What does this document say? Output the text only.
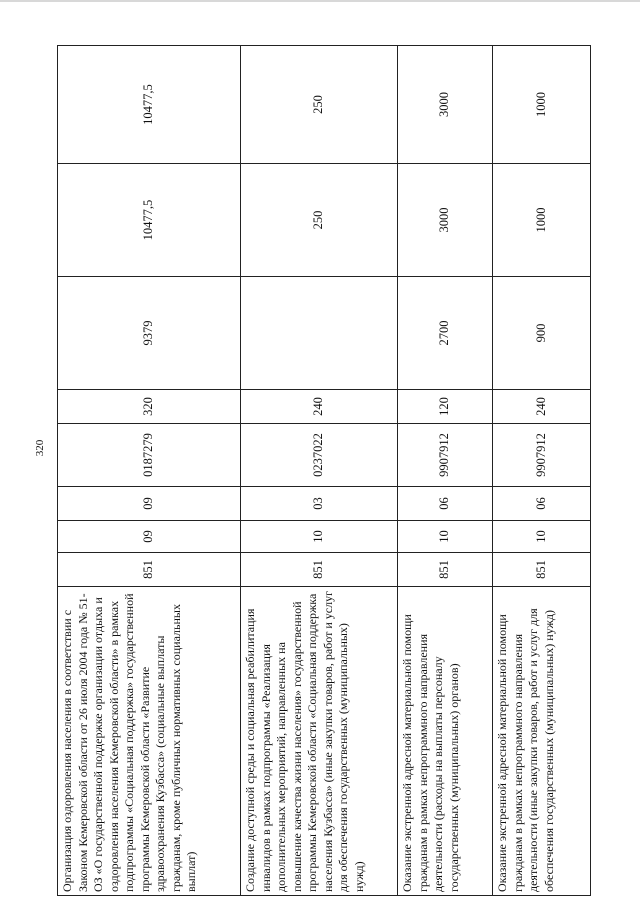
320
Организация оздоровления населения в соответствии с Законом Кемеровской области от 26 июля 2004 года № 51-ОЗ «О государственной поддержке организации отдыха и оздоровления населения Кемеровской области» в рамках подпрограммы «Социальная поддержка» государственной программы Кемеровской области «Развитие здравоохранения Кузбасса» (социальные выплаты гражданам, кроме публичных нормативных социальных выплат)	851	09	09	0187279	320	9379	10477,5	10477,5
Создание доступной среды и социальная реабилитация инвалидов в рамках подпрограммы «Реализация дополнительных мероприятий, направленных на повышение качества жизни населения» государственной программы Кемеровской области «Социальная поддержка населения Кузбасса» (иные закупки товаров, работ и услуг для обеспечения государственных (муниципальных) нужд)	851	10	03	0237022	240		250	250
Оказание экстренной адресной материальной помощи гражданам в рамках непрограммного направления деятельности (расходы на выплаты персоналу государственных (муниципальных) органов)	851	10	06	9907912	120	2700	3000	3000
Оказание экстренной адресной материальной помощи гражданам в рамках непрограммного направления деятельности (иные закупки товаров, работ и услуг для обеспечения государственных (муниципальных) нужд)	851	10	06	9907912	240	900	1000	1000
